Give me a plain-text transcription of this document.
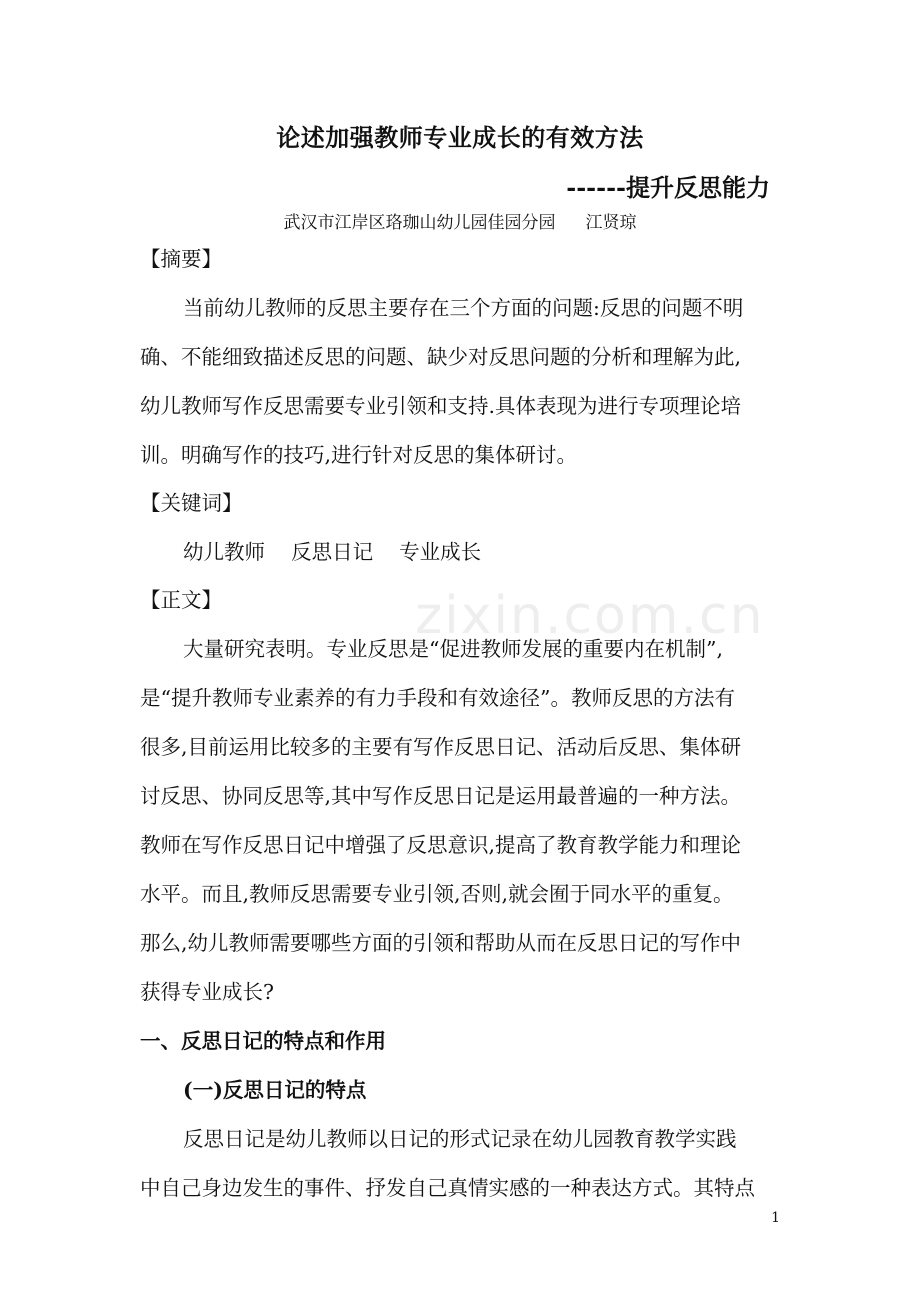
论述加强教师专业成长的有效方法
------提升反思能力
武汉市江岸区珞珈山幼儿园佳园分园 江贤琼
【摘要】
当前幼儿教师的反思主要存在三个方面的问题:反思的问题不明
确、不能细致描述反思的问题、缺少对反思问题的分析和理解为此,
幼儿教师写作反思需要专业引领和支持.具体表现为进行专项理论培
训。明确写作的技巧,进行针对反思的集体研讨。
【关键词】
幼儿教师    反思日记    专业成长
【正文】
大量研究表明。专业反思是“促进教师发展的重要内在机制”,
是“提升教师专业素养的有力手段和有效途径”。教师反思的方法有
很多,目前运用比较多的主要有写作反思日记、活动后反思、集体研
讨反思、协同反思等,其中写作反思日记是运用最普遍的一种方法。
教师在写作反思日记中增强了反思意识,提高了教育教学能力和理论
水平。而且,教师反思需要专业引领,否则,就会囿于同水平的重复。
那么,幼儿教师需要哪些方面的引领和帮助从而在反思日记的写作中
获得专业成长?
一、反思日记的特点和作用
(一)反思日记的特点
反思日记是幼儿教师以日记的形式记录在幼儿园教育教学实践
中自己身边发生的事件、抒发自己真情实感的一种表达方式。其特点
zixin.com.cn
1
